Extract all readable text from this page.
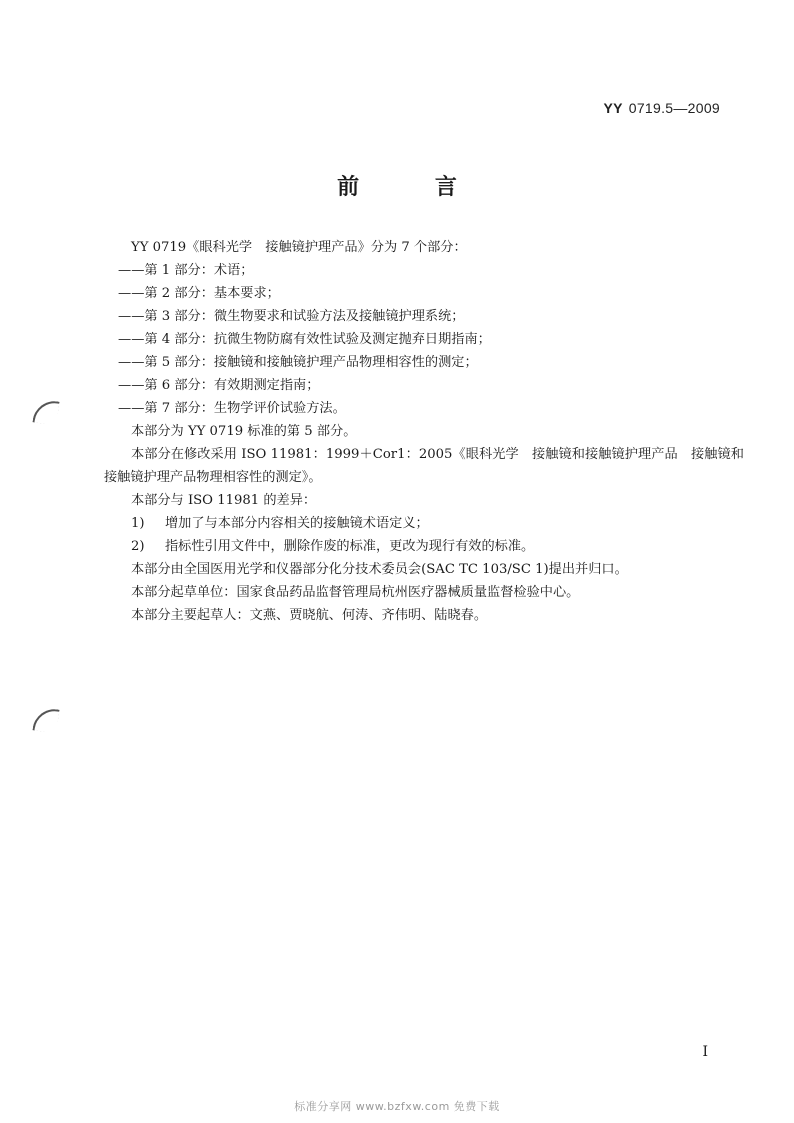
YY 0719.5—2009
前 言
YY 0719《眼科光学　接触镜护理产品》分为 7 个部分：
——第 1 部分：术语；
——第 2 部分：基本要求；
——第 3 部分：微生物要求和试验方法及接触镜护理系统；
——第 4 部分：抗微生物防腐有效性试验及测定抛弃日期指南；
——第 5 部分：接触镜和接触镜护理产品物理相容性的测定；
——第 6 部分：有效期测定指南；
——第 7 部分：生物学评价试验方法。
本部分为 YY 0719 标准的第 5 部分。
本部分在修改采用 ISO 11981：1999＋Cor1：2005《眼科光学　接触镜和接触镜护理产品　接触镜和接触镜护理产品物理相容性的测定》。
本部分与 ISO 11981 的差异：
1) 增加了与本部分内容相关的接触镜术语定义；
2) 指标性引用文件中，删除作废的标准，更改为现行有效的标准。
本部分由全国医用光学和仪器部分化分技术委员会(SAC TC 103/SC 1)提出并归口。
本部分起草单位：国家食品药品监督管理局杭州医疗器械质量监督检验中心。
本部分主要起草人：文燕、贾晓航、何涛、齐伟明、陆晓春。
I
标准分享网 www.bzfxw.com 免费下载
